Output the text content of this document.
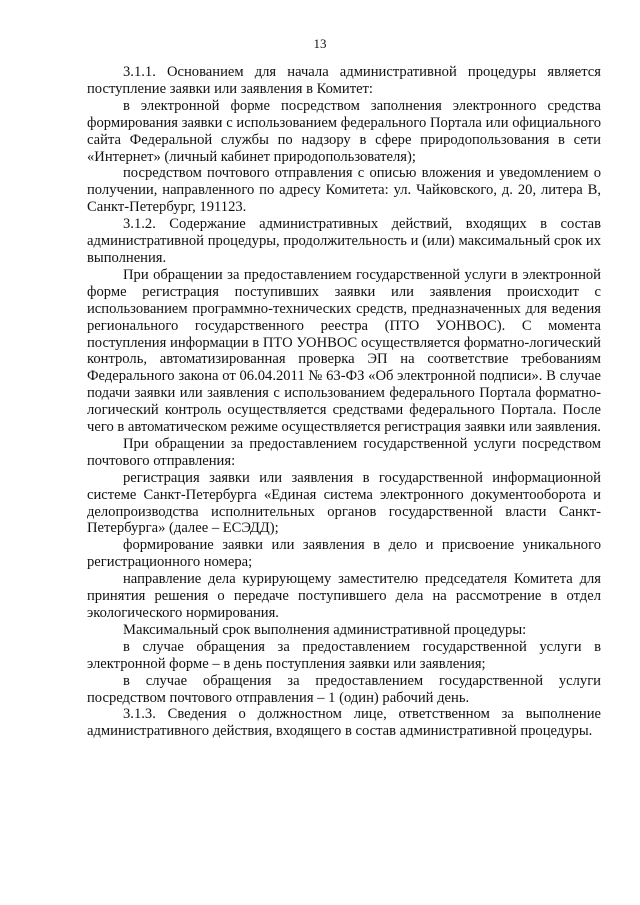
13

3.1.1. Основанием для начала административной процедуры является поступление заявки или заявления в Комитет:

в электронной форме посредством заполнения электронного средства формирования заявки с использованием федерального Портала или официального сайта Федеральной службы по надзору в сфере природопользования в сети «Интернет» (личный кабинет природопользователя);

посредством почтового отправления с описью вложения и уведомлением о получении, направленного по адресу Комитета: ул. Чайковского, д. 20, литера В, Санкт-Петербург, 191123.

3.1.2. Содержание административных действий, входящих в состав административной процедуры, продолжительность и (или) максимальный срок их выполнения.

При обращении за предоставлением государственной услуги в электронной форме регистрация поступивших заявки или заявления происходит с использованием программно-технических средств, предназначенных для ведения регионального государственного реестра (ПТО УОНВОС). С момента поступления информации в ПТО УОНВОС осуществляется форматно-логический контроль, автоматизированная проверка ЭП на соответствие требованиям Федерального закона от 06.04.2011 № 63-ФЗ «Об электронной подписи». В случае подачи заявки или заявления с использованием федерального Портала форматно-логический контроль осуществляется средствами федерального Портала. После чего в автоматическом режиме осуществляется регистрация заявки или заявления.

При обращении за предоставлением государственной услуги посредством почтового отправления:

регистрация заявки или заявления в государственной информационной системе Санкт-Петербурга «Единая система электронного документооборота и делопроизводства исполнительных органов государственной власти Санкт-Петербурга» (далее – ЕСЭДД);

формирование заявки или заявления в дело и присвоение уникального регистрационного номера;

направление дела курирующему заместителю председателя Комитета для принятия решения о передаче поступившего дела на рассмотрение в отдел экологического нормирования.

Максимальный срок выполнения административной процедуры:

в случае обращения за предоставлением государственной услуги в электронной форме – в день поступления заявки или заявления;

в случае обращения за предоставлением государственной услуги посредством почтового отправления – 1 (один) рабочий день.

3.1.3. Сведения о должностном лице, ответственном за выполнение административного действия, входящего в состав административной процедуры.
